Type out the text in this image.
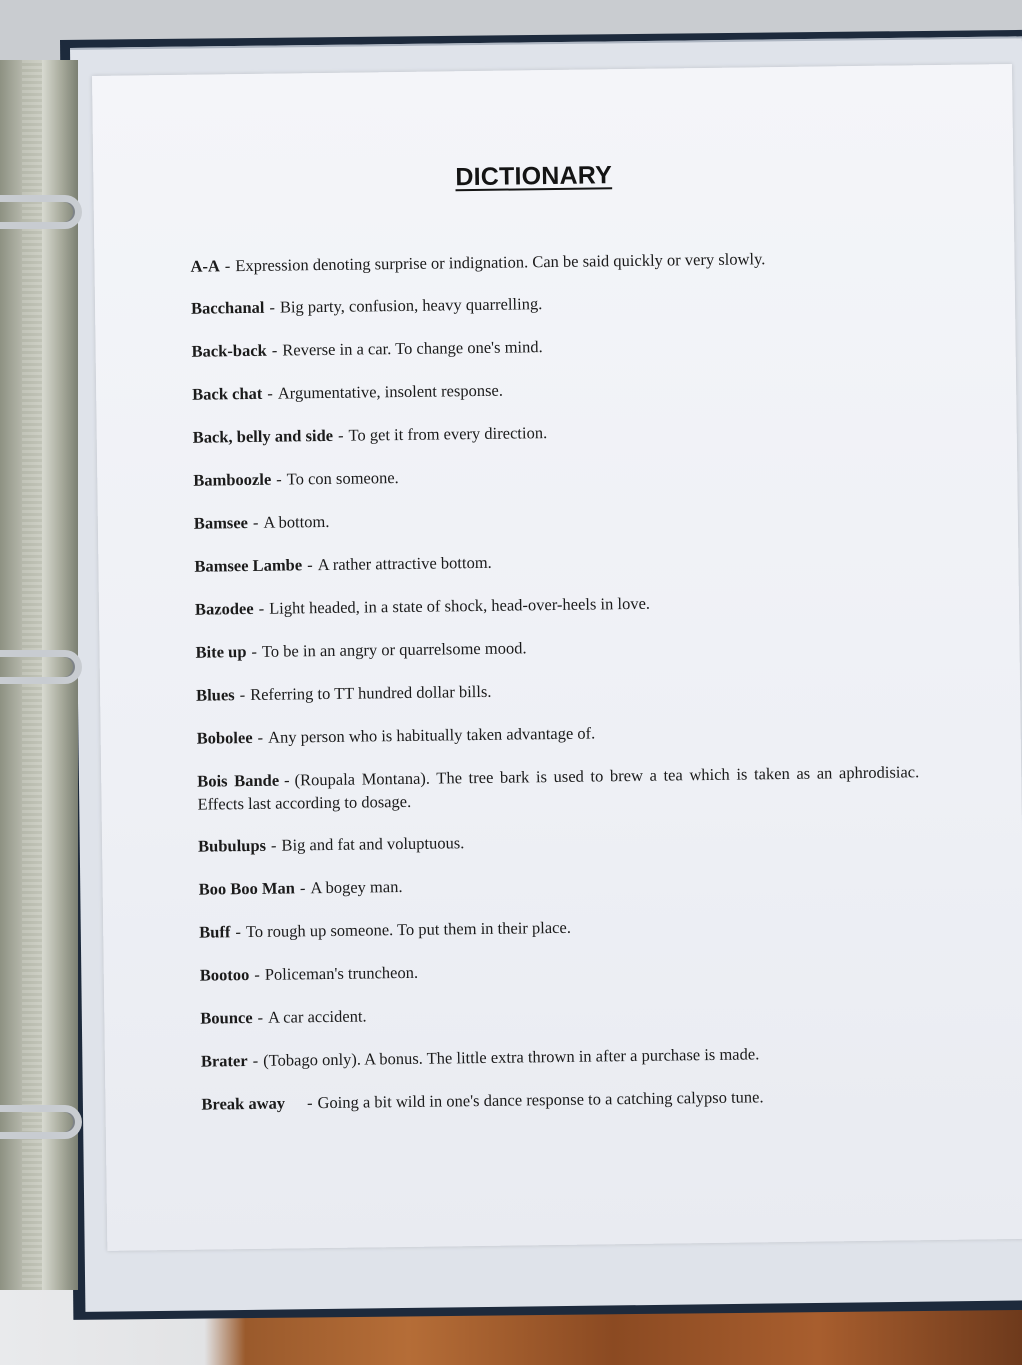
DICTIONARY
A-A - Expression denoting surprise or indignation. Can be said quickly or very slowly.
Bacchanal - Big party, confusion, heavy quarrelling.
Back-back - Reverse in a car. To change one's mind.
Back chat - Argumentative, insolent response.
Back, belly and side - To get it from every direction.
Bamboozle - To con someone.
Bamsee - A bottom.
Bamsee Lambe - A rather attractive bottom.
Bazodee - Light headed, in a state of shock, head-over-heels in love.
Bite up - To be in an angry or quarrelsome mood.
Blues - Referring to TT hundred dollar bills.
Bobolee - Any person who is habitually taken advantage of.
Bois Bande - (Roupala Montana). The tree bark is used to brew a tea which is taken as an aphrodisiac. Effects last according to dosage.
Bubulups - Big and fat and voluptuous.
Boo Boo Man - A bogey man.
Buff - To rough up someone. To put them in their place.
Bootoo - Policeman's truncheon.
Bounce - A car accident.
Brater - (Tobago only). A bonus. The little extra thrown in after a purchase is made.
Break away - Going a bit wild in one's dance response to a catching calypso tune.
